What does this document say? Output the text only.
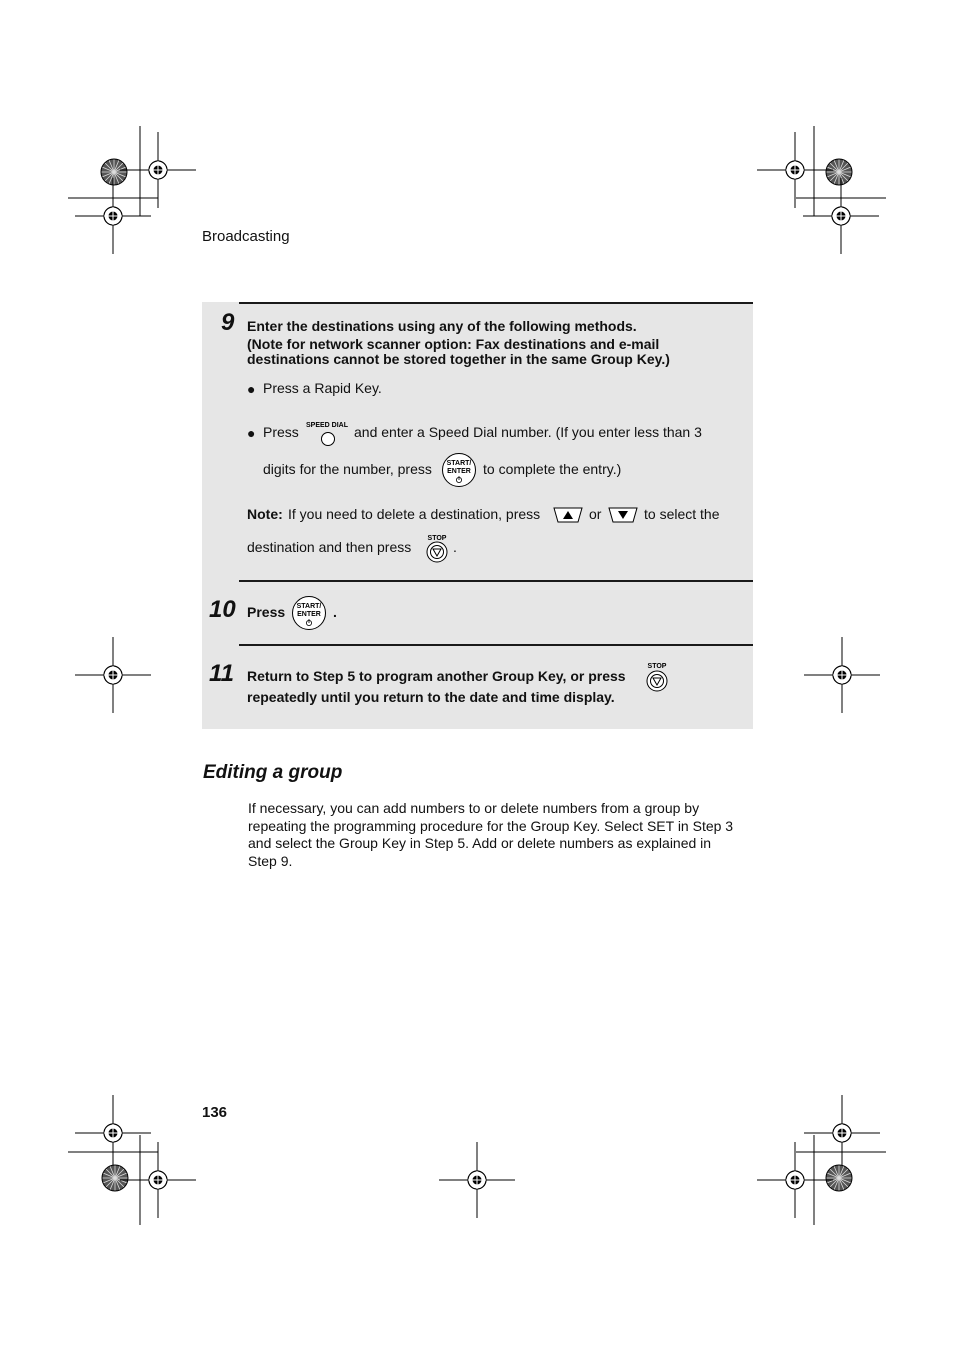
Broadcasting
9 Enter the destinations using any of the following methods.
(Note for network scanner option: Fax destinations and e-mail
destinations cannot be stored together in the same Group Key.)
● Press a Rapid Key.
● Press SPEED DIAL and enter a Speed Dial number. (If you enter less than 3
digits for the number, press START/
ENTER to complete the entry.)
Note: If you need to delete a destination, press	or	to select the
destination and then press
STOP
.
10 Press START/
ENTER .
11 Return to Step 5 to program another Group Key, or press
STOP
repeatedly until you return to the date and time display.
Editing a group
If necessary, you can add numbers to or delete numbers from a group by repeating the programming procedure for the Group Key. Select SET in Step 3 and select the Group Key in Step 5. Add or delete numbers as explained in Step 9.
136
